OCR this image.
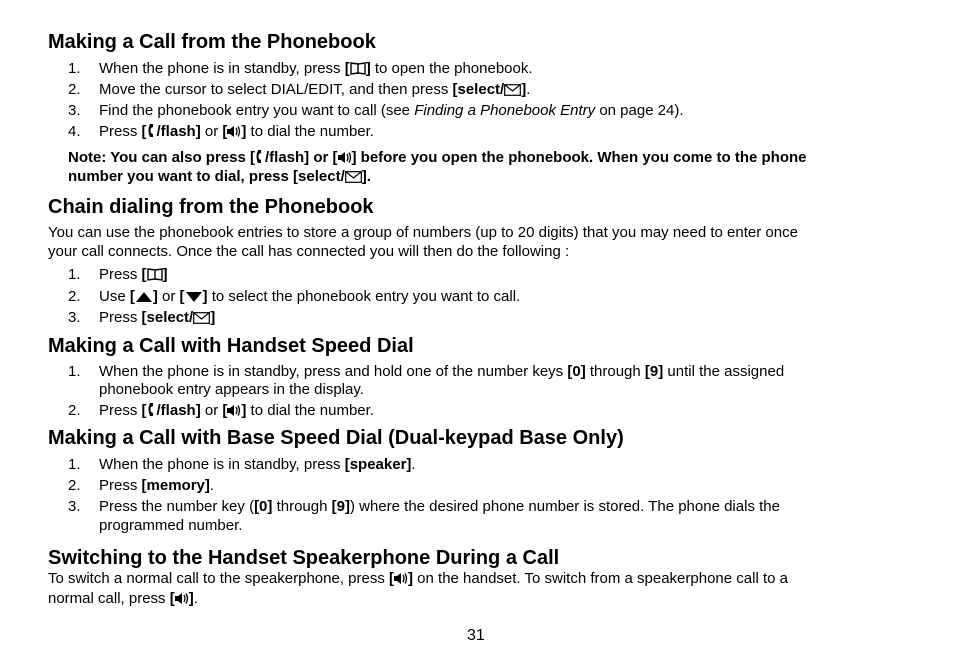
Making a Call from the Phonebook
1. When the phone is in standby, press [ ] to open the phonebook.
2. Move the cursor to select DIAL/EDIT, and then press [select/ ].
3. Find the phonebook entry you want to call (see Finding a Phonebook Entry on page 24).
4. Press [ /flash] or [ ] to dial the number.
Note: You can also press [ /flash] or [ ] before you open the phonebook. When you come to the phone
number you want to dial, press [select/ ].
Chain dialing from the Phonebook
You can use the phonebook entries to store a group of numbers (up to 20 digits) that you may need to enter once
your call connects. Once the call has connected you will then do the following :
1. Press [ ]
2. Use [ ] or [ ] to select the phonebook entry you want to call.
3. Press [select/ ]
Making a Call with Handset Speed Dial
1. When the phone is in standby, press and hold one of the number keys [0] through [9] until the assigned
phonebook entry appears in the display.
2. Press [ /flash] or [ ] to dial the number.
Making a Call with Base Speed Dial (Dual-keypad Base Only)
1. When the phone is in standby, press [speaker].
2. Press [memory].
3. Press the number key ([0] through [9]) where the desired phone number is stored. The phone dials the
programmed number.
Switching to the Handset Speakerphone During a Call
To switch a normal call to the speakerphone, press [ ] on the handset. To switch from a speakerphone call to a
normal call, press [ ].
31
